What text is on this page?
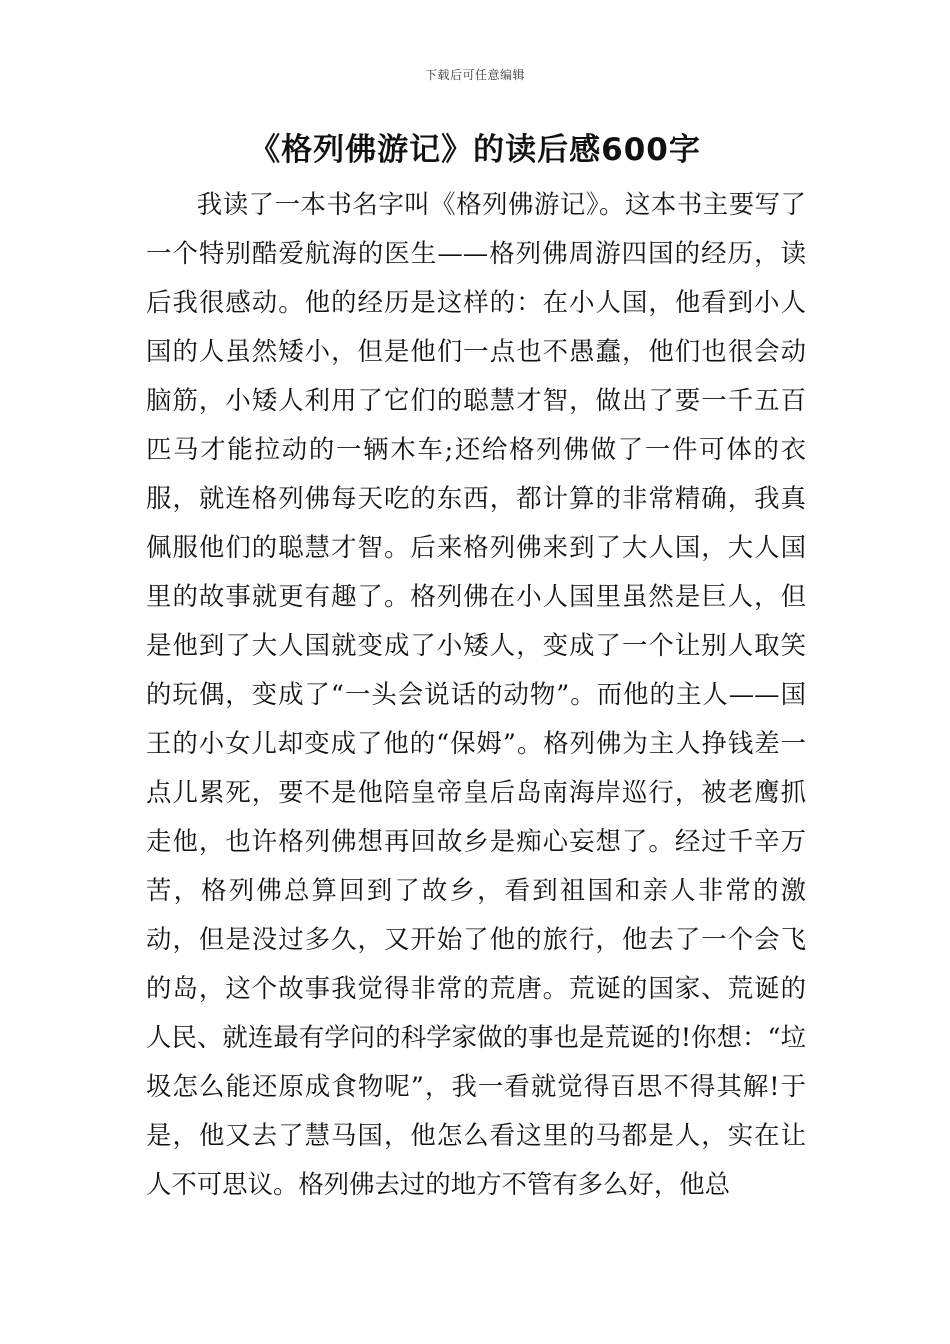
下载后可任意编辑
《格列佛游记》的读后感600字

我读了一本书名字叫《格列佛游记》。这本书主要写了一个特别酷爱航海的医生——格列佛周游四国的经历，读后我很感动。他的经历是这样的：在小人国，他看到小人国的人虽然矮小，但是他们一点也不愚蠢，他们也很会动脑筋，小矮人利用了它们的聪慧才智，做出了要一千五百匹马才能拉动的一辆木车;还给格列佛做了一件可体的衣服，就连格列佛每天吃的东西，都计算的非常精确，我真佩服他们的聪慧才智。后来格列佛来到了大人国，大人国里的故事就更有趣了。格列佛在小人国里虽然是巨人，但是他到了大人国就变成了小矮人，变成了一个让别人取笑的玩偶，变成了“一头会说话的动物”。而他的主人——国王的小女儿却变成了他的“保姆”。格列佛为主人挣钱差一点儿累死，要不是他陪皇帝皇后岛南海岸巡行，被老鹰抓走他，也许格列佛想再回故乡是痴心妄想了。经过千辛万苦，格列佛总算回到了故乡，看到祖国和亲人非常的激动，但是没过多久，又开始了他的旅行，他去了一个会飞的岛，这个故事我觉得非常的荒唐。荒诞的国家、荒诞的人民、就连最有学问的科学家做的事也是荒诞的!你想：“垃圾怎么能还原成食物呢”，我一看就觉得百思不得其解!于是，他又去了慧马国，他怎么看这里的马都是人，实在让人不可思议。格列佛去过的地方不管有多么好，他总
